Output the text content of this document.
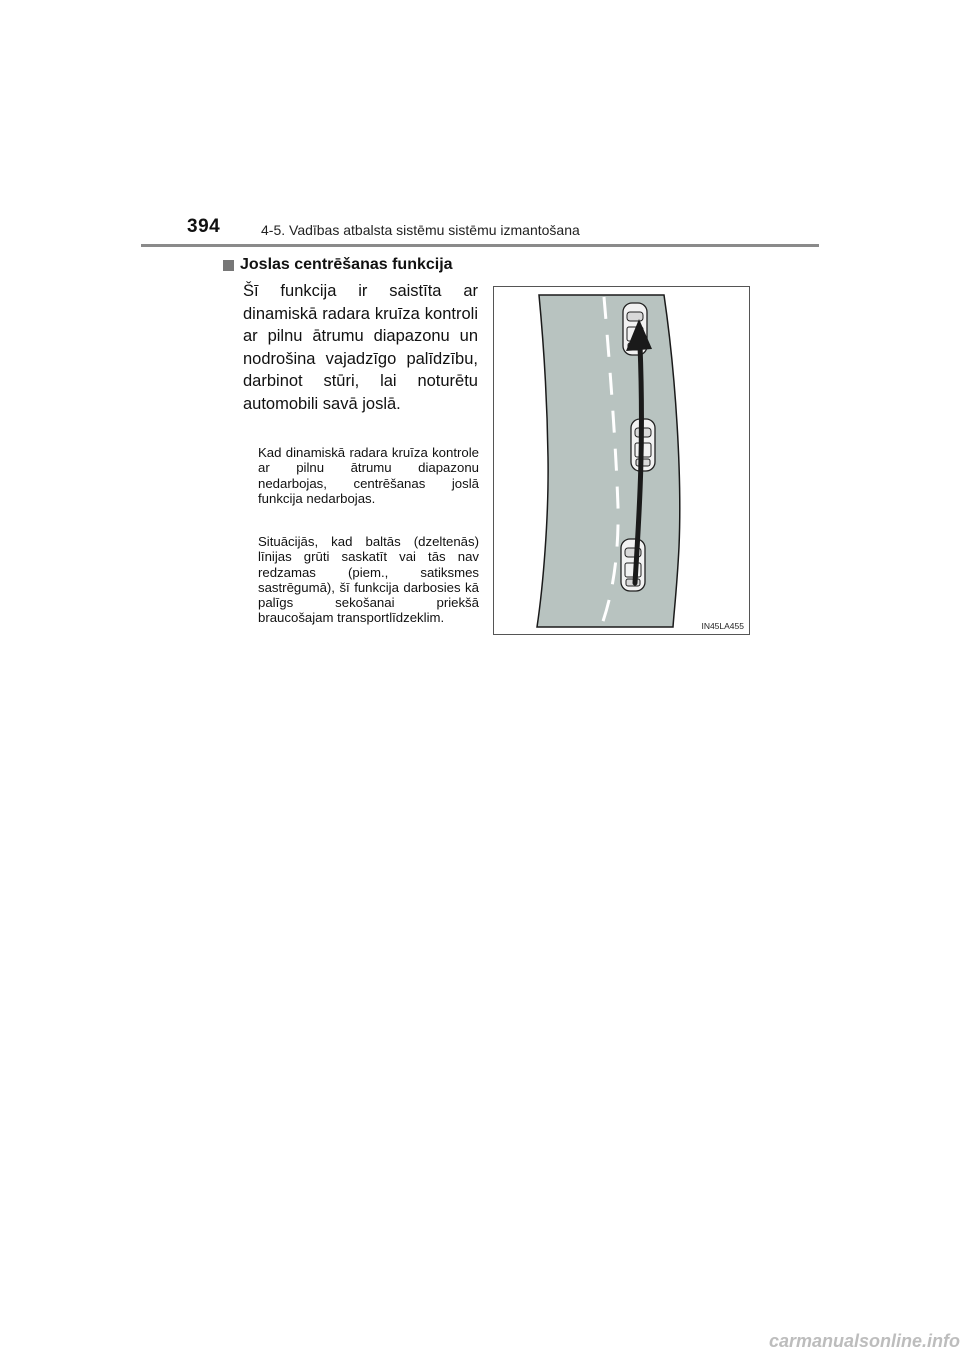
394	4-5. Vadības atbalsta sistēmu sistēmu izmantošana
Joslas centrēšanas funkcija

Šī funkcija ir saistīta ar dinamiskā radara kruīza kontroli ar pilnu ātrumu diapazonu un nodrošina vajadzīgo palīdzību, darbinot stūri, lai noturētu automobili savā joslā.

Kad dinamiskā radara kruīza kontrole ar pilnu ātrumu diapazonu nedarbojas, centrēšanas joslā funkcija nedarbojas.

Situācijās, kad baltās (dzeltenās) līnijas grūti saskatīt vai tās nav redzamas (piem., satiksmes sastrēgumā), šī funkcija darbosies kā palīgs sekošanai priekšā braucošajam transportlīdzeklim.

IN45LA455
carmanualsonline.info
